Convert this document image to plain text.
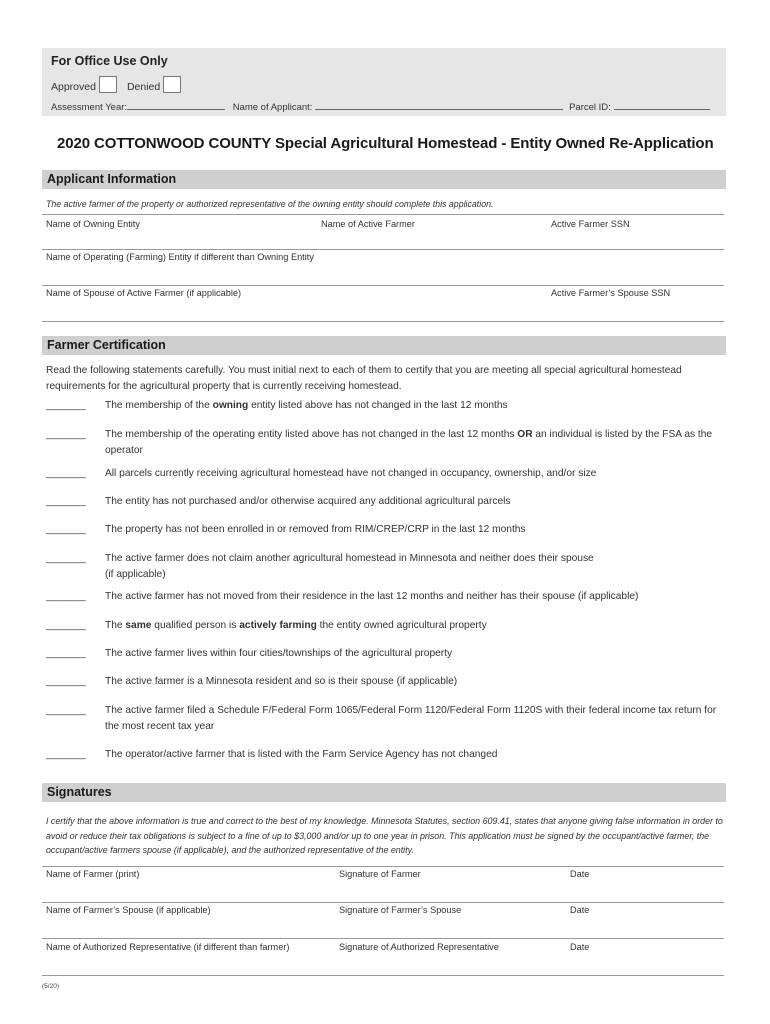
For Office Use Only
Approved	Denied
Assessment Year:	Name of Applicant:	Parcel ID:
2020 COTTONWOOD COUNTY Special Agricultural Homestead - Entity Owned Re-Application
Applicant Information
The active farmer of the property or authorized representative of the owning entity should complete this application.
Name of Owning Entity	Name of Active Farmer	Active Farmer SSN
Name of Operating (Farming) Entity if different than Owning Entity
Name of Spouse of Active Farmer (if applicable)	Active Farmer’s Spouse SSN
Farmer Certification
Read the following statements carefully. You must initial next to each of them to certify that you are meeting all special agricultural homestead requirements for the agricultural property that is currently receiving homestead.
_______ The membership of the owning entity listed above has not changed in the last 12 months
_______ The membership of the operating entity listed above has not changed in the last 12 months OR an individual is listed by the FSA as the operator
_______ All parcels currently receiving agricultural homestead have not changed in occupancy, ownership, and/or size
_______ The entity has not purchased and/or otherwise acquired any additional agricultural parcels
_______ The property has not been enrolled in or removed from RIM/CREP/CRP in the last 12 months
_______ The active farmer does not claim another agricultural homestead in Minnesota and neither does their spouse
(if applicable)
_______ The active farmer has not moved from their residence in the last 12 months and neither has their spouse (if applicable)
_______ The same qualified person is actively farming the entity owned agricultural property
_______ The active farmer lives within four cities/townships of the agricultural property
_______ The active farmer is a Minnesota resident and so is their spouse (if applicable)
_______ The active farmer filed a Schedule F/Federal Form 1065/Federal Form 1120/Federal Form 1120S with their federal income tax return for the most recent tax year
_______ The operator/active farmer that is listed with the Farm Service Agency has not changed
Signatures
I certify that the above information is true and correct to the best of my knowledge. Minnesota Statutes, section 609.41, states that anyone giving false information in order to avoid or reduce their tax obligations is subject to a fine of up to $3,000 and/or up to one year in prison. This application must be signed by the occupant/active farmer, the occupant/active farmers spouse (if applicable), and the authorized representative of the entity.
Name of Farmer (print)	Signature of Farmer	Date
Name of Farmer’s Spouse (if applicable)	Signature of Farmer’s Spouse	Date
Name of Authorized Representative (if different than farmer)	Signature of Authorized Representative	Date
(5/20)
